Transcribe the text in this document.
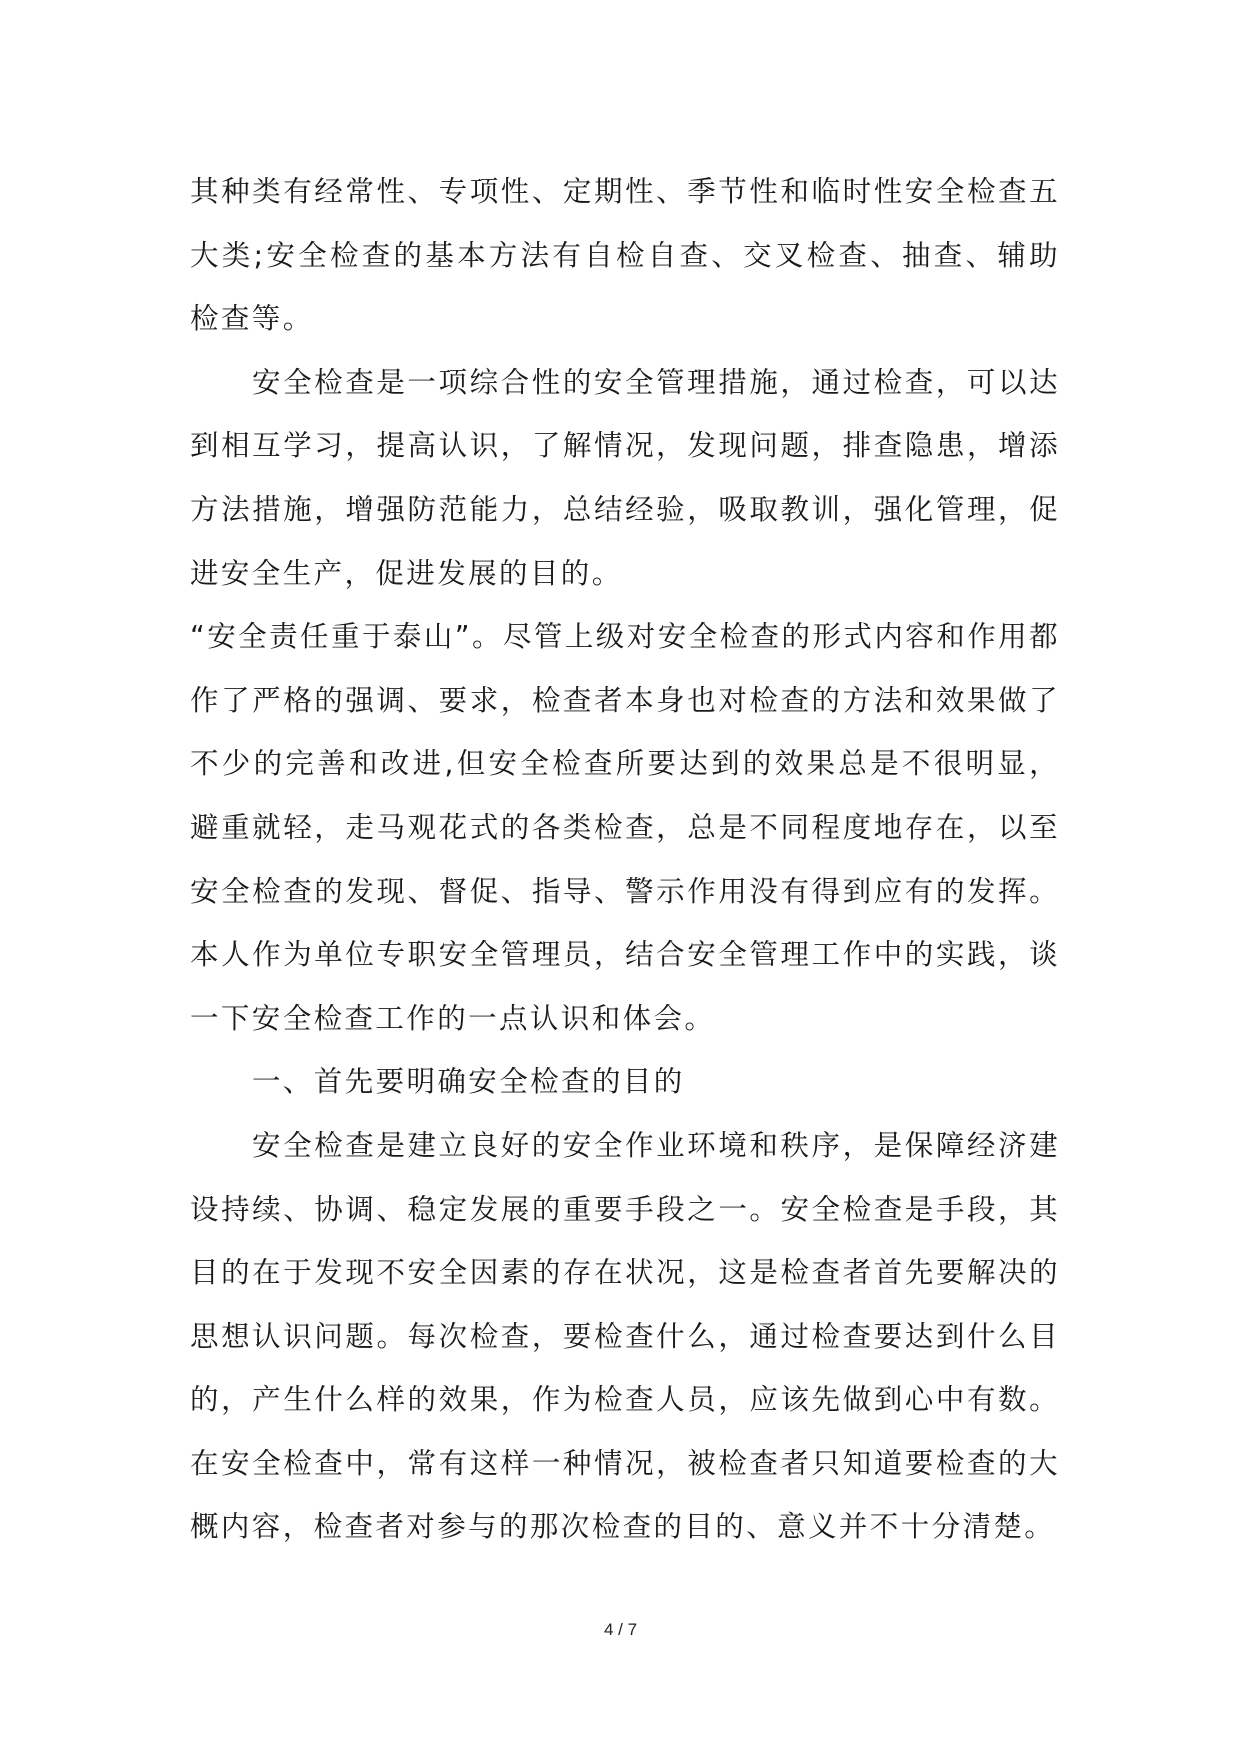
其种类有经常性、专项性、定期性、季节性和临时性安全检查五大类;安全检查的基本方法有自检自查、交叉检查、抽查、辅助检查等。

安全检查是一项综合性的安全管理措施，通过检查，可以达到相互学习，提高认识，了解情况，发现问题，排查隐患，增添方法措施，增强防范能力，总结经验，吸取教训，强化管理，促进安全生产，促进发展的目的。

“安全责任重于泰山”。尽管上级对安全检查的形式内容和作用都作了严格的强调、要求，检查者本身也对检查的方法和效果做了不少的完善和改进,但安全检查所要达到的效果总是不很明显，避重就轻，走马观花式的各类检查，总是不同程度地存在，以至安全检查的发现、督促、指导、警示作用没有得到应有的发挥。本人作为单位专职安全管理员，结合安全管理工作中的实践，谈一下安全检查工作的一点认识和体会。

一、首先要明确安全检查的目的

安全检查是建立良好的安全作业环境和秩序，是保障经济建设持续、协调、稳定发展的重要手段之一。安全检查是手段，其目的在于发现不安全因素的存在状况，这是检查者首先要解决的思想认识问题。每次检查，要检查什么，通过检查要达到什么目的，产生什么样的效果，作为检查人员，应该先做到心中有数。在安全检查中，常有这样一种情况，被检查者只知道要检查的大概内容，检查者对参与的那次检查的目的、意义并不十分清楚。

4 / 7
